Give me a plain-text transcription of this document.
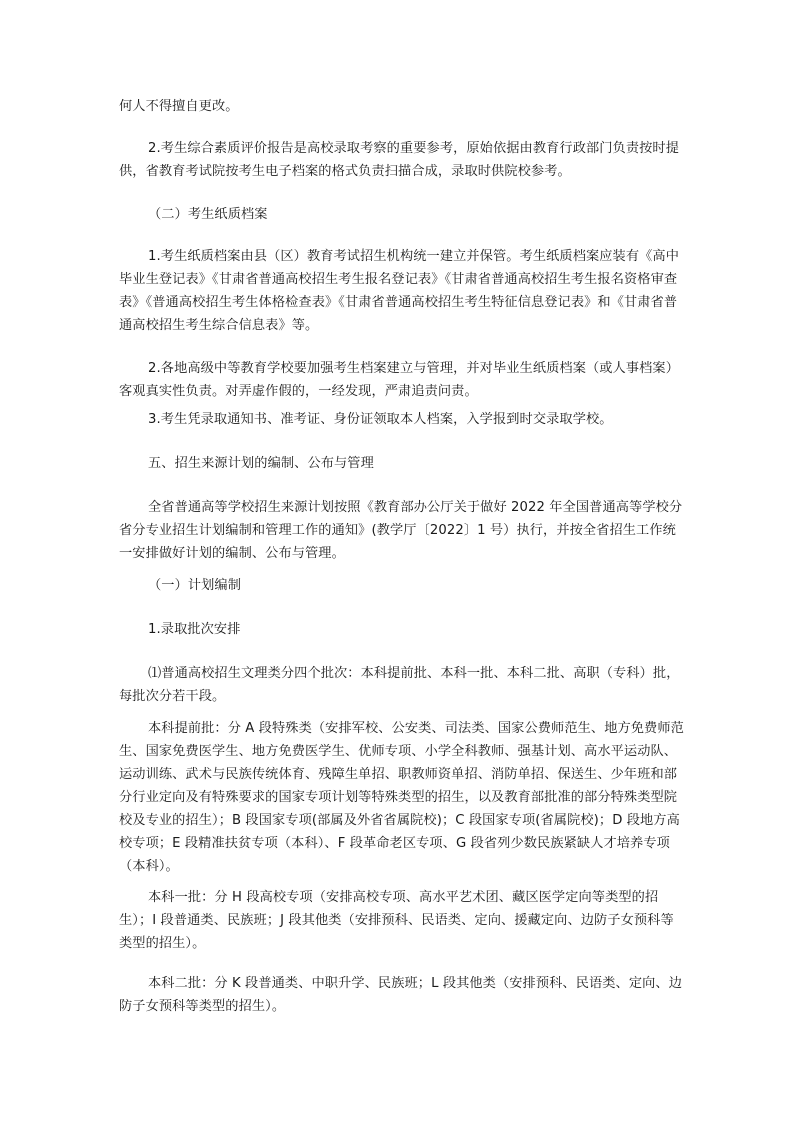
何人不得擅自更改。

2.考生综合素质评价报告是高校录取考察的重要参考，原始依据由教育行政部门负责按时提供，省教育考试院按考生电子档案的格式负责扫描合成，录取时供院校参考。

（二）考生纸质档案

1.考生纸质档案由县（区）教育考试招生机构统一建立并保管。考生纸质档案应装有《高中毕业生登记表》《甘肃省普通高校招生考生报名登记表》《甘肃省普通高校招生考生报名资格审查表》《普通高校招生考生体格检查表》《甘肃省普通高校招生考生特征信息登记表》和《甘肃省普通高校招生考生综合信息表》等。

2.各地高级中等教育学校要加强考生档案建立与管理，并对毕业生纸质档案（或人事档案）客观真实性负责。对弄虚作假的，一经发现，严肃追责问责。

3.考生凭录取通知书、准考证、身份证领取本人档案，入学报到时交录取学校。

五、招生来源计划的编制、公布与管理

全省普通高等学校招生来源计划按照《教育部办公厅关于做好 2022 年全国普通高等学校分省分专业招生计划编制和管理工作的通知》(教学厅〔2022〕1 号）执行，并按全省招生工作统一安排做好计划的编制、公布与管理。

（一）计划编制

1.录取批次安排

⑴普通高校招生文理类分四个批次：本科提前批、本科一批、本科二批、高职（专科）批，每批次分若干段。

本科提前批：分 A 段特殊类（安排军校、公安类、司法类、国家公费师范生、地方免费师范生、国家免费医学生、地方免费医学生、优师专项、小学全科教师、强基计划、高水平运动队、运动训练、武术与民族传统体育、残障生单招、职教师资单招、消防单招、保送生、少年班和部分行业定向及有特殊要求的国家专项计划等特殊类型的招生，以及教育部批准的部分特殊类型院校及专业的招生）；B 段国家专项(部属及外省省属院校)；C 段国家专项(省属院校)；D 段地方高校专项；E 段精准扶贫专项（本科）、F 段革命老区专项、G 段省列少数民族紧缺人才培养专项（本科）。

本科一批：分 H 段高校专项（安排高校专项、高水平艺术团、藏区医学定向等类型的招生）；I 段普通类、民族班；J 段其他类（安排预科、民语类、定向、援藏定向、边防子女预科等类型的招生）。

本科二批：分 K 段普通类、中职升学、民族班；L 段其他类（安排预科、民语类、定向、边防子女预科等类型的招生）。
